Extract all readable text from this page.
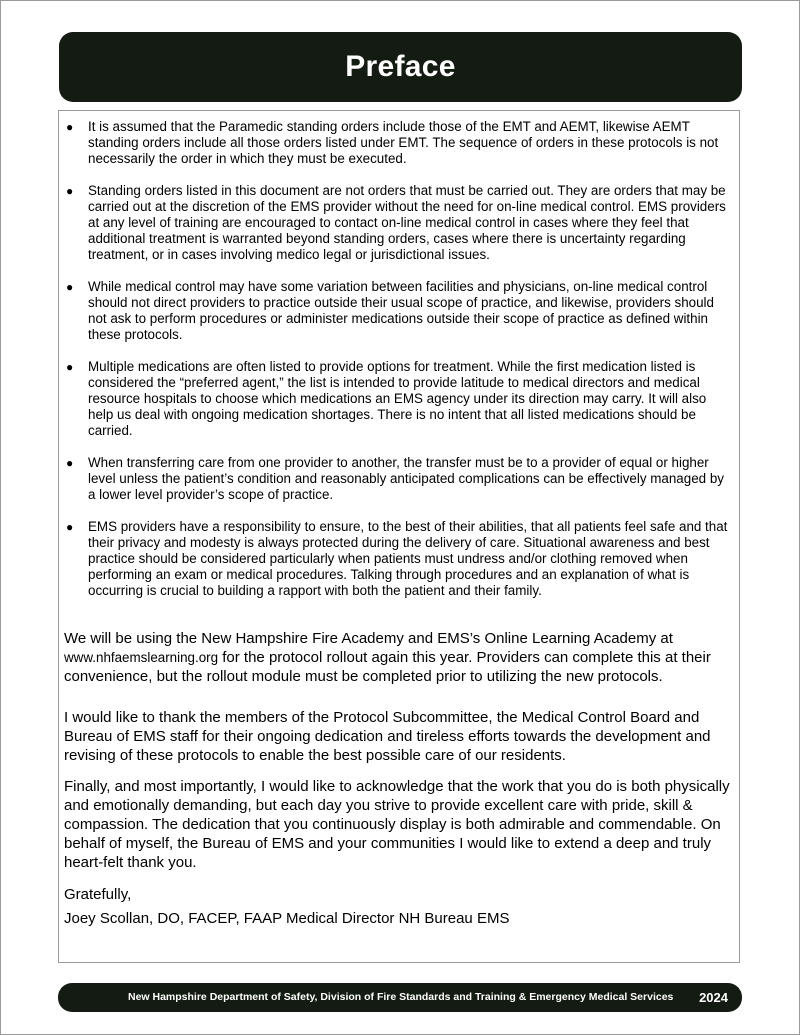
Preface
● It is assumed that the Paramedic standing orders include those of the EMT and AEMT, likewise AEMT standing orders include all those orders listed under EMT. The sequence of orders in these protocols is not necessarily the order in which they must be executed.
● Standing orders listed in this document are not orders that must be carried out. They are orders that may be carried out at the discretion of the EMS provider without the need for on-line medical control. EMS providers at any level of training are encouraged to contact on-line medical control in cases where they feel that additional treatment is warranted beyond standing orders, cases where there is uncertainty regarding treatment, or in cases involving medico legal or jurisdictional issues.
● While medical control may have some variation between facilities and physicians, on-line medical control should not direct providers to practice outside their usual scope of practice, and likewise, providers should not ask to perform procedures or administer medications outside their scope of practice as defined within these protocols.
● Multiple medications are often listed to provide options for treatment. While the first medication listed is considered the “preferred agent,” the list is intended to provide latitude to medical directors and medical resource hospitals to choose which medications an EMS agency under its direction may carry. It will also help us deal with ongoing medication shortages. There is no intent that all listed medications should be carried.
● When transferring care from one provider to another, the transfer must be to a provider of equal or higher level unless the patient’s condition and reasonably anticipated complications can be effectively managed by a lower level provider’s scope of practice.
● EMS providers have a responsibility to ensure, to the best of their abilities, that all patients feel safe and that their privacy and modesty is always protected during the delivery of care. Situational awareness and best practice should be considered particularly when patients must undress and/or clothing removed when performing an exam or medical procedures. Talking through procedures and an explanation of what is occurring is crucial to building a rapport with both the patient and their family.

We will be using the New Hampshire Fire Academy and EMS’s Online Learning Academy at www.nhfaemslearning.org for the protocol rollout again this year. Providers can complete this at their convenience, but the rollout module must be completed prior to utilizing the new protocols.

I would like to thank the members of the Protocol Subcommittee, the Medical Control Board and Bureau of EMS staff for their ongoing dedication and tireless efforts towards the development and revising of these protocols to enable the best possible care of our residents.

Finally, and most importantly, I would like to acknowledge that the work that you do is both physically and emotionally demanding, but each day you strive to provide excellent care with pride, skill & compassion. The dedication that you continuously display is both admirable and commendable. On behalf of myself, the Bureau of EMS and your communities I would like to extend a deep and truly heart-felt thank you.

Gratefully,

Joey Scollan, DO, FACEP, FAAP Medical Director NH Bureau EMS

New Hampshire Department of Safety, Division of Fire Standards and Training & Emergency Medical Services 2024
